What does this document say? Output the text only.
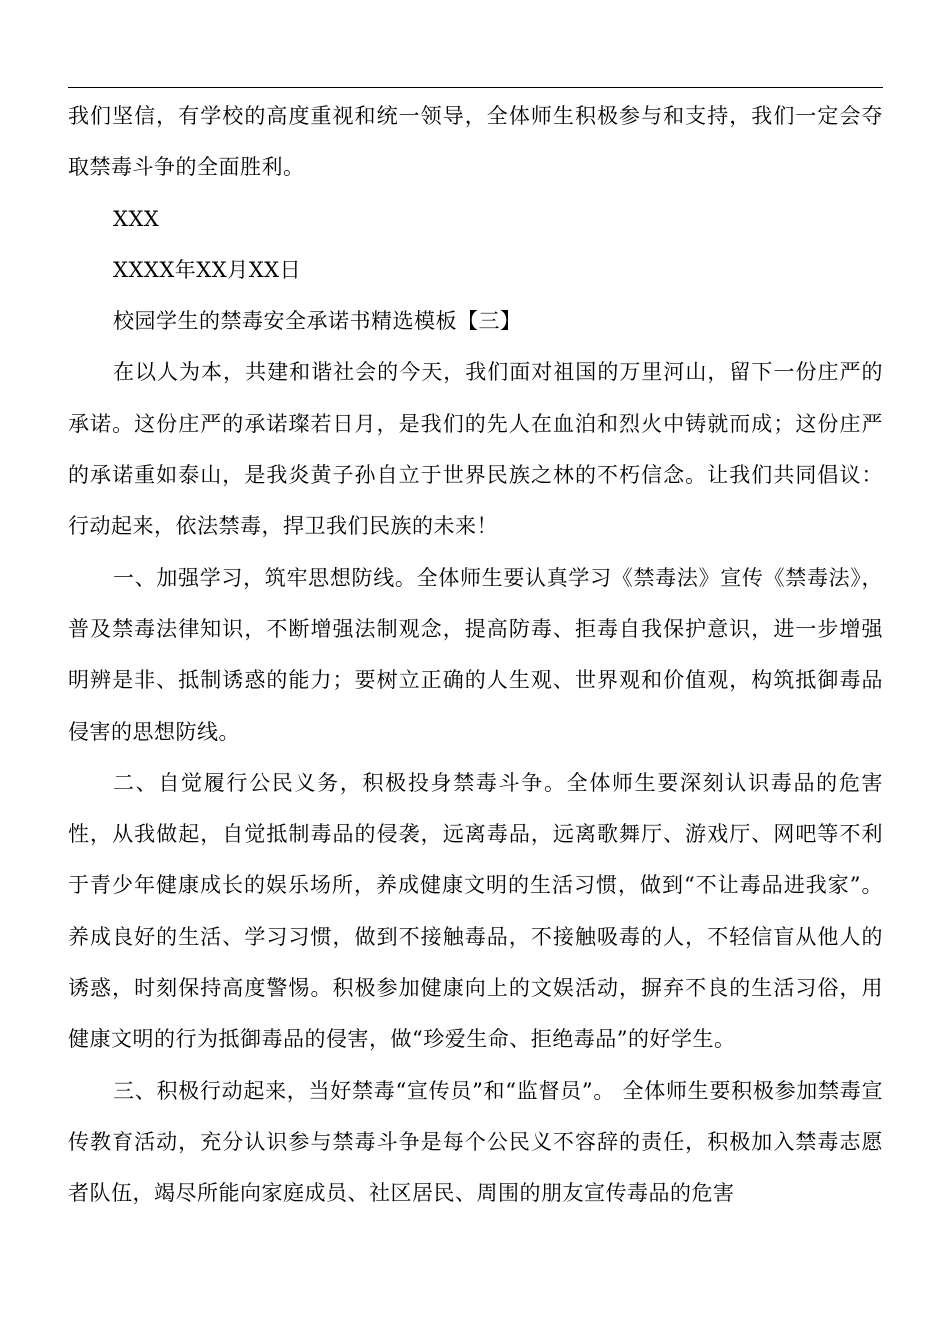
我们坚信，有学校的高度重视和统一领导，全体师生积极参与和支持，我们一定会夺取禁毒斗争的全面胜利。

XXX

XXXX年XX月XX日

校园学生的禁毒安全承诺书精选模板【三】

在以人为本，共建和谐社会的今天，我们面对祖国的万里河山，留下一份庄严的承诺。这份庄严的承诺璨若日月，是我们的先人在血泊和烈火中铸就而成；这份庄严的承诺重如泰山，是我炎黄子孙自立于世界民族之林的不朽信念。让我们共同倡议：行动起来，依法禁毒，捍卫我们民族的未来！

一、加强学习，筑牢思想防线。全体师生要认真学习《禁毒法》宣传《禁毒法》，普及禁毒法律知识，不断增强法制观念，提高防毒、拒毒自我保护意识，进一步增强明辨是非、抵制诱惑的能力；要树立正确的人生观、世界观和价值观，构筑抵御毒品侵害的思想防线。

二、自觉履行公民义务，积极投身禁毒斗争。全体师生要深刻认识毒品的危害性，从我做起，自觉抵制毒品的侵袭，远离毒品，远离歌舞厅、游戏厅、网吧等不利于青少年健康成长的娱乐场所，养成健康文明的生活习惯，做到“不让毒品进我家”。养成良好的生活、学习习惯，做到不接触毒品，不接触吸毒的人，不轻信盲从他人的诱惑，时刻保持高度警惕。积极参加健康向上的文娱活动，摒弃不良的生活习俗，用健康文明的行为抵御毒品的侵害，做“珍爱生命、拒绝毒品”的好学生。

三、积极行动起来，当好禁毒“宣传员”和“监督员”。 全体师生要积极参加禁毒宣传教育活动，充分认识参与禁毒斗争是每个公民义不容辞的责任，积极加入禁毒志愿者队伍，竭尽所能向家庭成员、社区居民、周围的朋友宣传毒品的危害
